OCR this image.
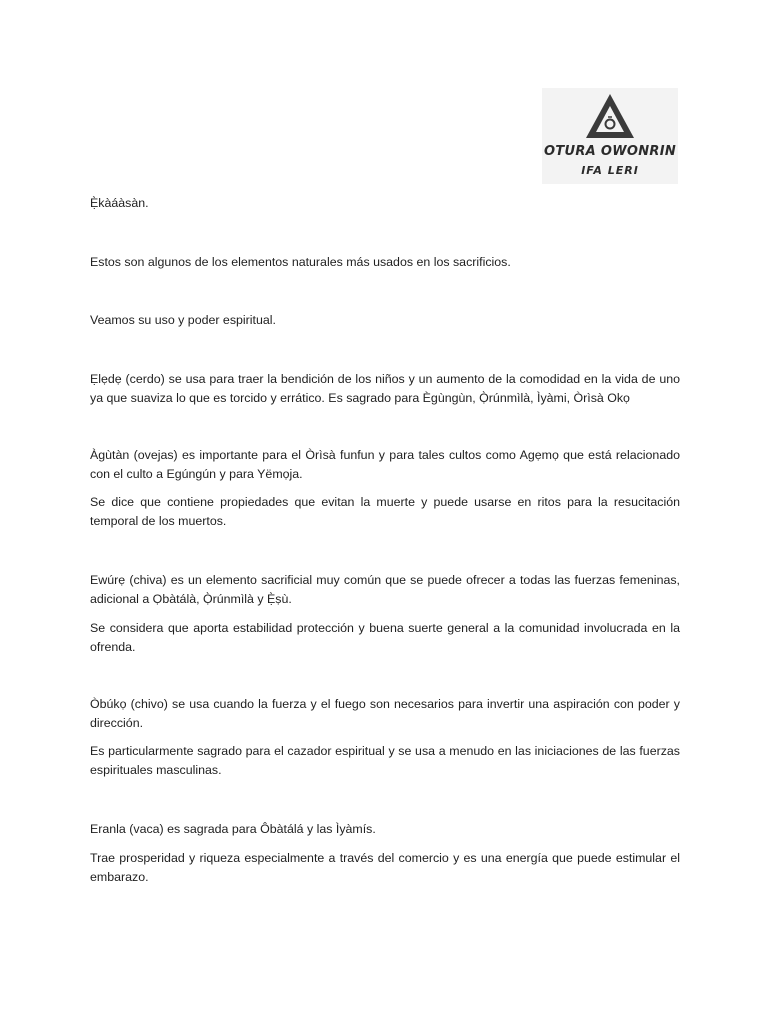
OTURA OWONRIN
IFA LERI

Ẹ̀kàáàsàn.

Estos son algunos de los elementos naturales más usados en los sacrificios.

Veamos su uso y poder espiritual.

Ẹlẹdẹ (cerdo) se usa para traer la bendición de los niños y un aumento de la comodidad en la vida de uno ya que suaviza lo que es torcido y errático. Es sagrado para Ègùngùn, Ọ̀rúnmìlà, Ìyàmi, Òrìsà Okọ

Àgùtàn (ovejas) es importante para el Òrìsà funfun y para tales cultos como Agẹmọ que está relacionado con el culto a Egúngún y para Yëmọja.

Se dice que contiene propiedades que evitan la muerte y puede usarse en ritos para la resucitación temporal de los muertos.

Ewúrẹ (chiva) es un elemento sacrificial muy común que se puede ofrecer a todas las fuerzas femeninas, adicional a Ọbàtálà, Ọ̀rúnmìlà y Ẹ̀ṣù.

Se considera que aporta estabilidad protección y buena suerte general a la comunidad involucrada en la ofrenda.

Òbúkọ (chivo) se usa cuando la fuerza y el fuego son necesarios para invertir una aspiración con poder y dirección.

Es particularmente sagrado para el cazador espiritual y se usa a menudo en las iniciaciones de las fuerzas espirituales masculinas.

Eranla (vaca) es sagrada para Ôbàtálá y las Ìyàmís.

Trae prosperidad y riqueza especialmente a través del comercio y es una energía que puede estimular el embarazo.
